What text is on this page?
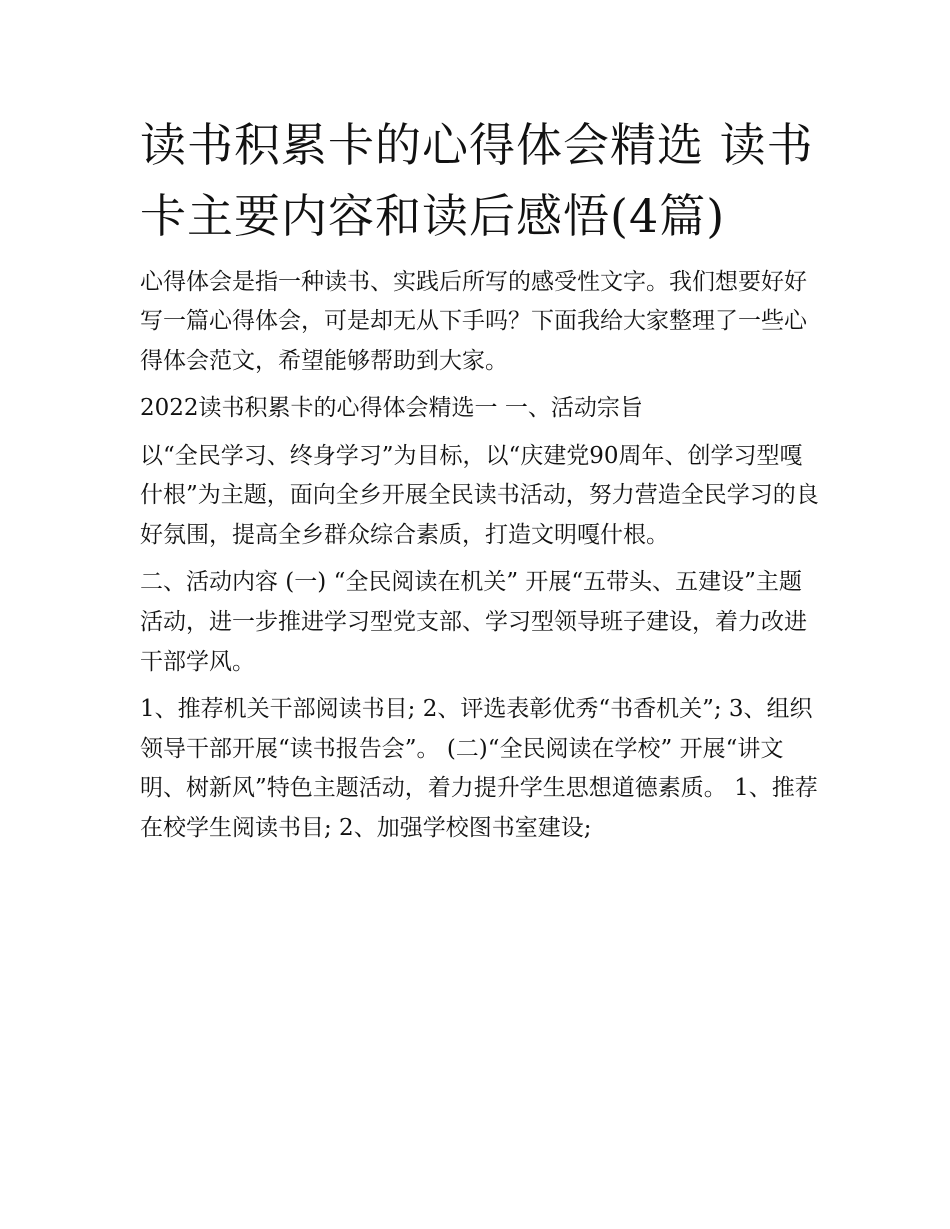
读书积累卡的心得体会精选 读书卡主要内容和读后感悟(4篇)

心得体会是指一种读书、实践后所写的感受性文字。我们想要好好写一篇心得体会，可是却无从下手吗？下面我给大家整理了一些心得体会范文，希望能够帮助到大家。

2022读书积累卡的心得体会精选一 一、活动宗旨

以“全民学习、终身学习”为目标，以“庆建党90周年、创学习型嘎什根”为主题，面向全乡开展全民读书活动，努力营造全民学习的良好氛围，提高全乡群众综合素质，打造文明嘎什根。

二、活动内容 (一) “全民阅读在机关” 开展“五带头、五建设”主题活动，进一步推进学习型党支部、学习型领导班子建设，着力改进干部学风。

1、推荐机关干部阅读书目; 2、评选表彰优秀“书香机关”; 3、组织领导干部开展“读书报告会”。 (二)“全民阅读在学校” 开展“讲文明、树新风”特色主题活动，着力提升学生思想道德素质。 1、推荐在校学生阅读书目; 2、加强学校图书室建设;
